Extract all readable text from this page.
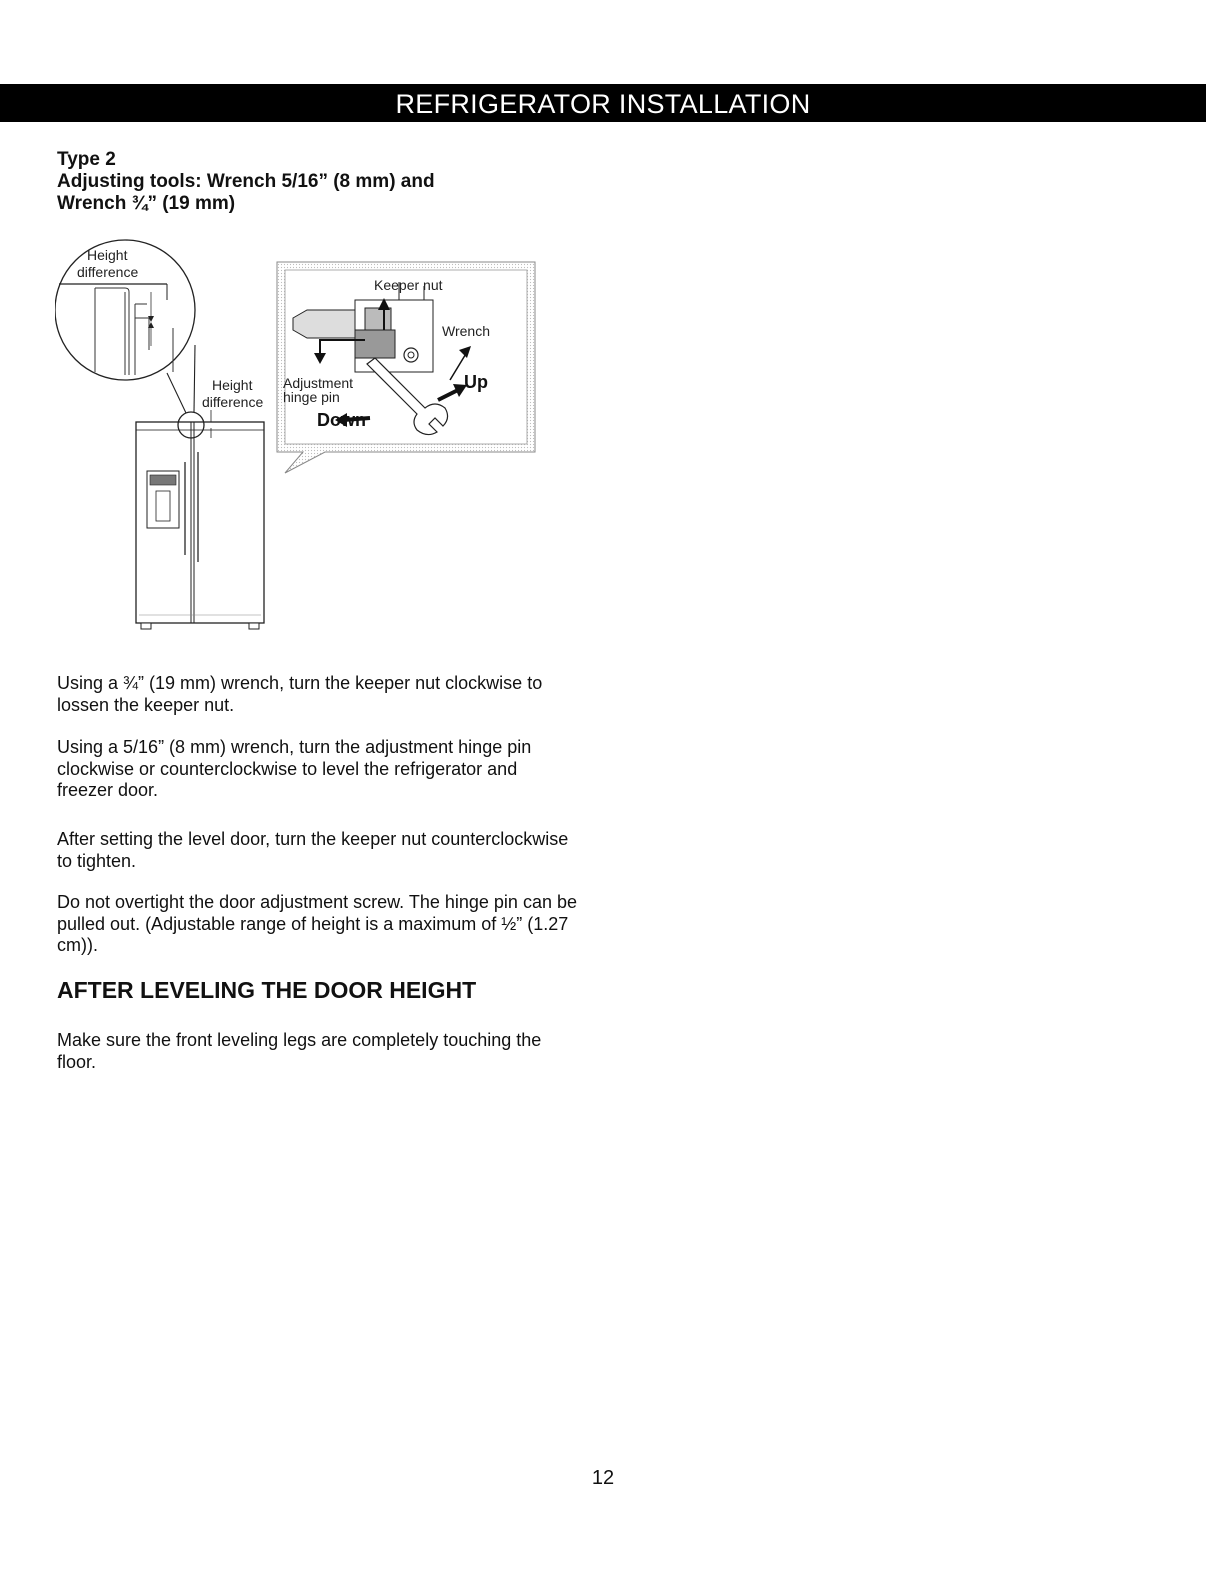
REFRIGERATOR INSTALLATION
Type 2
Adjusting tools: Wrench 5/16” (8 mm) and
Wrench ¾” (19 mm)
Height
difference
Height
difference
Keeper nut
Wrench
Adjustment
hinge pin
Up
Down
Using a ¾” (19 mm) wrench, turn the keeper nut clockwise to lossen the keeper nut.
Using a 5/16” (8 mm) wrench, turn the adjustment hinge pin clockwise or counterclockwise to level the refrigerator and freezer door.
After setting the level door, turn the keeper nut counterclockwise to tighten.
Do not overtight the door adjustment screw. The hinge pin can be pulled out. (Adjustable range of height is a maximum of ½” (1.27 cm)).
AFTER LEVELING THE DOOR HEIGHT
Make sure the front leveling legs are completely touching the floor.
12
